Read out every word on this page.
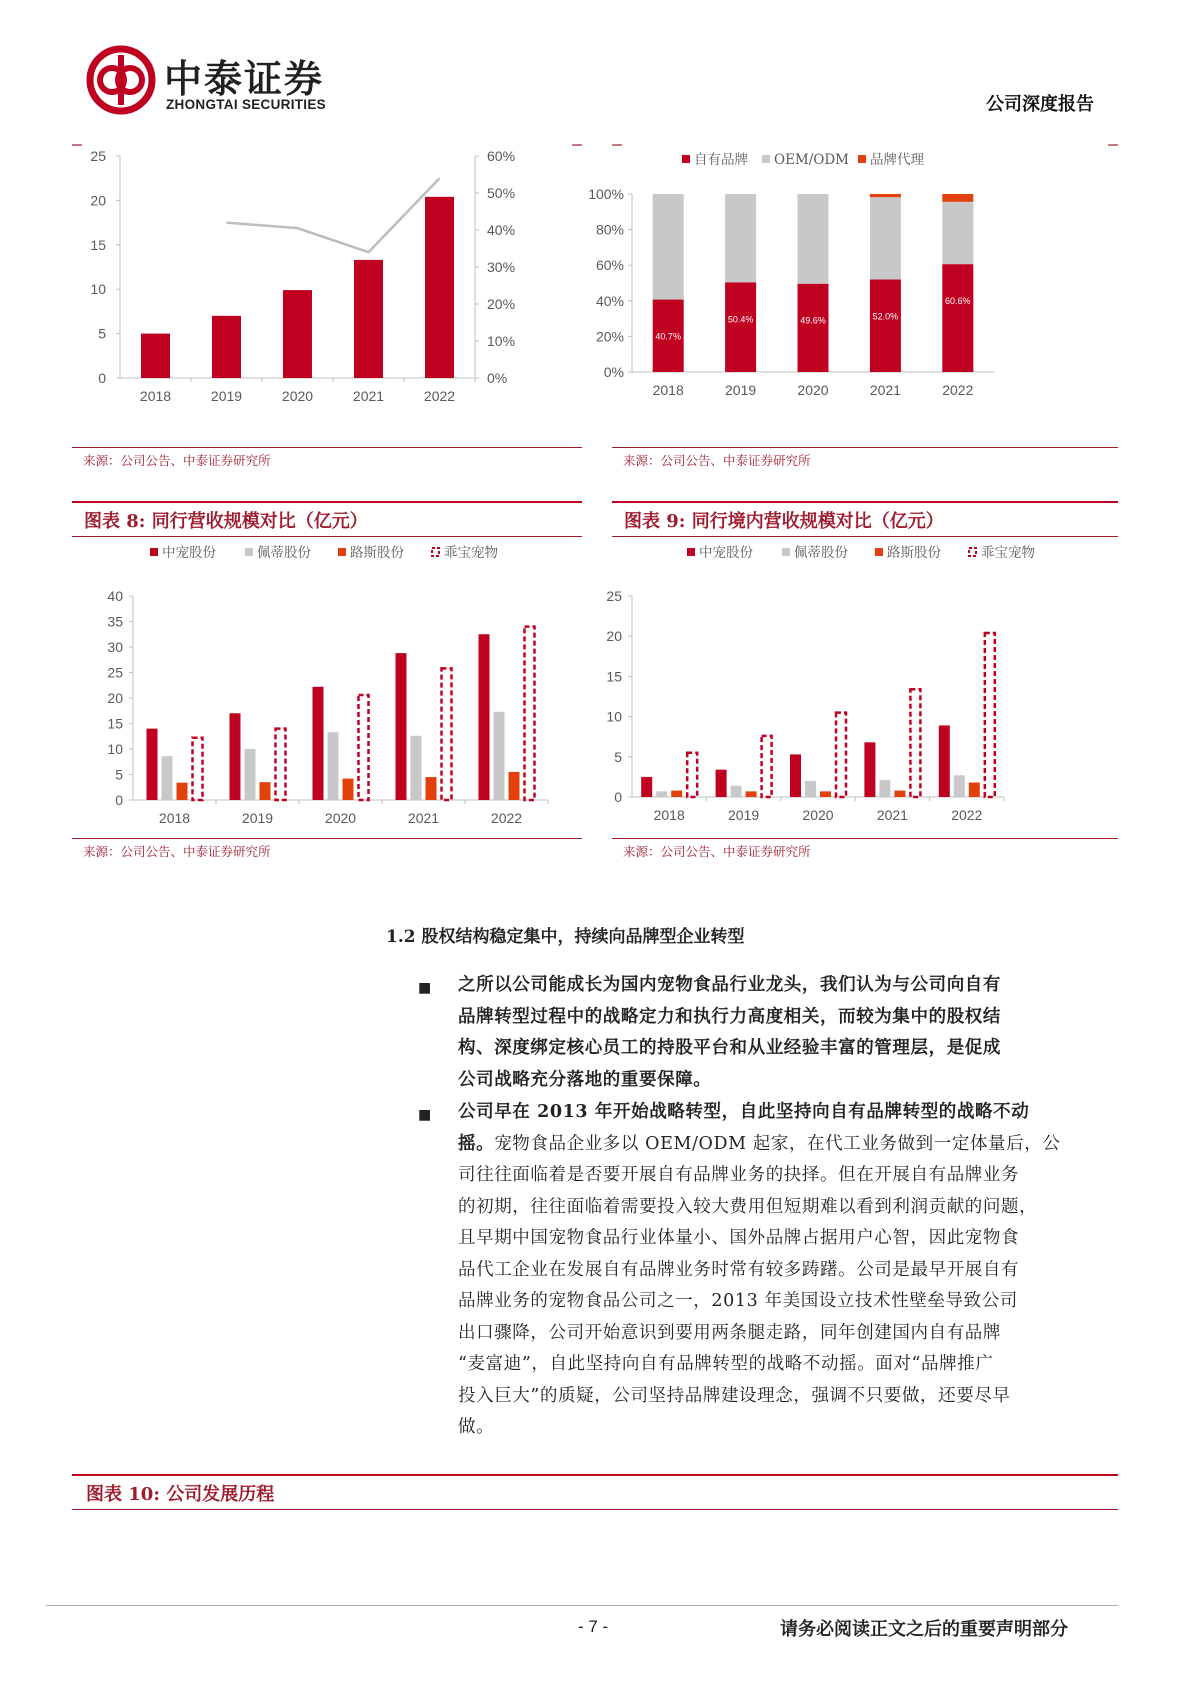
中泰证券
ZHONGTAI SECURITIES	公司深度报告
0
5
10
15
20
25
0%
10%
20%
30%
40%
50%
60%
2018	2019	2020	2021	2022
自有品牌 OEM/ODM 品牌代理
0%
20%
40%
60%
80%
100%
2018
40.7%
2019
50.4%
2020
49.6%
2021
52.0%
2022
60.6%
来源：公司公告、中泰证券研究所	来源：公司公告、中泰证券研究所
图表 8: 同行营收规模对比（亿元）	图表 9: 同行境内营收规模对比（亿元）
中宠股份	佩蒂股份	路斯股份	乖宝宠物
0
5
10
15
20
25
30
35
40
2018	2019	2020	2021	2022
中宠股份	佩蒂股份	路斯股份	乖宝宠物
0
5
10
15
20
25
2018	2019	2020	2021	2022
来源：公司公告、中泰证券研究所	来源：公司公告、中泰证券研究所
1.2 股权结构稳定集中，持续向品牌型企业转型
■ 之所以公司能成长为国内宠物食品行业龙头，我们认为与公司向自有
品牌转型过程中的战略定力和执行力高度相关，而较为集中的股权结
构、深度绑定核心员工的持股平台和从业经验丰富的管理层，是促成
公司战略充分落地的重要保障。
■ 公司早在 2013 年开始战略转型，自此坚持向自有品牌转型的战略不动
摇。宠物食品企业多以 OEM/ODM 起家，在代工业务做到一定体量后，公
司往往面临着是否要开展自有品牌业务的抉择。但在开展自有品牌业务
的初期，往往面临着需要投入较大费用但短期难以看到利润贡献的问题，
且早期中国宠物食品行业体量小、国外品牌占据用户心智，因此宠物食
品代工企业在发展自有品牌业务时常有较多踌躇。公司是最早开展自有
品牌业务的宠物食品公司之一，2013 年美国设立技术性壁垒导致公司
出口骤降，公司开始意识到要用两条腿走路，同年创建国内自有品牌
“麦富迪”，自此坚持向自有品牌转型的战略不动摇。面对“品牌推广
投入巨大”的质疑，公司坚持品牌建设理念，强调不只要做，还要尽早
做。
图表 10: 公司发展历程
- 7 -	请务必阅读正文之后的重要声明部分
